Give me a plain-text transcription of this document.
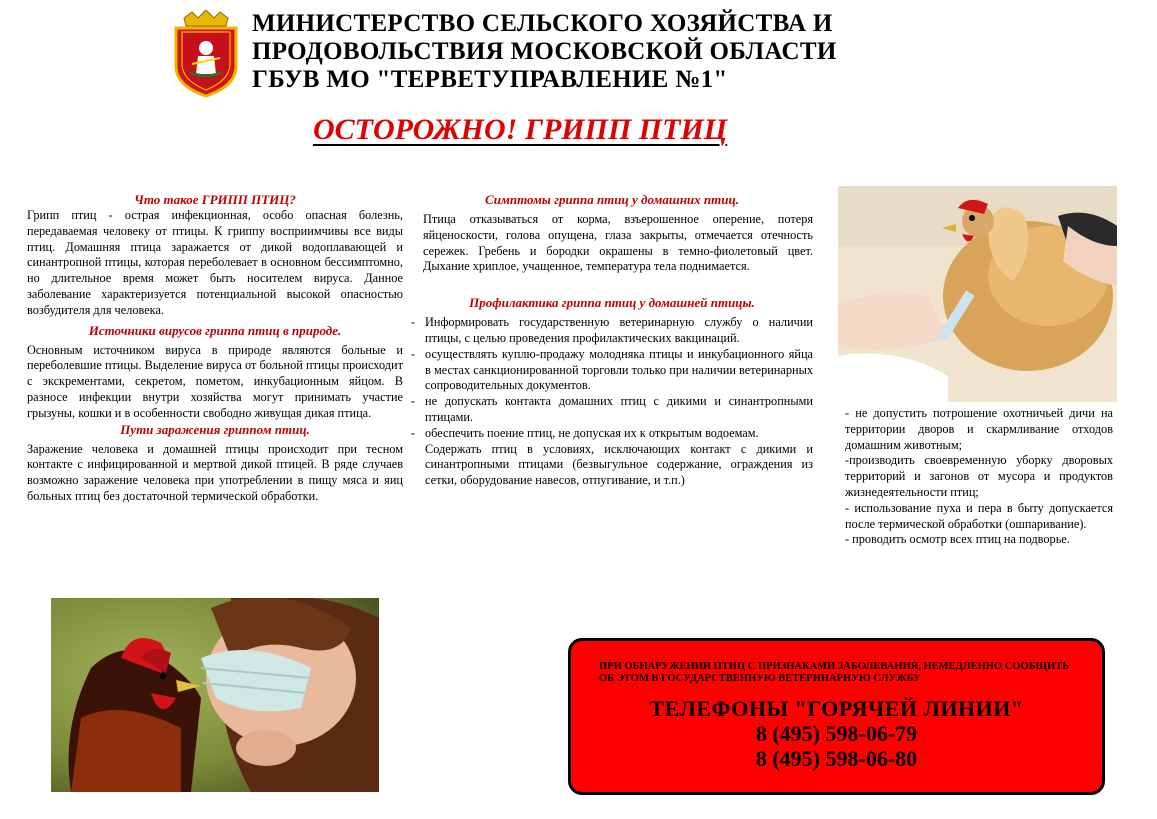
МИНИСТЕРСТВО СЕЛЬСКОГО ХОЗЯЙСТВА И
ПРОДОВОЛЬСТВИЯ МОСКОВСКОЙ ОБЛАСТИ
ГБУВ МО "ТЕРВЕТУПРАВЛЕНИЕ №1"
ОСТОРОЖНО! ГРИПП ПТИЦ
Что такое ГРИПП ПТИЦ?
Грипп птиц - острая инфекционная, особо опасная болезнь, передаваемая человеку от птицы. К гриппу восприимчивы все виды птиц. Домашняя птица заражается от дикой водоплавающей и синантропной птицы, которая переболевает в основном бессимптомно, но длительное время может быть носителем вируса. Данное заболевание характеризуется потенциальной высокой опасностью возбудителя для человека.
Источники вирусов гриппа птиц в природе.
Основным источником вируса в природе являются больные и переболевшие птицы. Выделение вируса от больной птицы происходит с экскрементами, секретом, пометом, инкубационным яйцом. В разносе инфекции внутри хозяйства могут принимать участие грызуны, кошки и в особенности свободно живущая дикая птица.
Пути заражения гриппом птиц.
Заражение человека и домашней птицы происходит при тесном контакте с инфицированной и мертвой дикой птицей. В ряде случаев возможно заражение человека при употреблении в пищу мяса и яиц больных птиц без достаточной термической обработки.
Симптомы гриппа птиц у домашних птиц.
Птица отказываться от корма, взъерошенное оперение, потеря яйценоскости, голова опущена, глаза закрыты, отмечается отечность сережек. Гребень и бородки окрашены в темно-фиолетовый цвет. Дыхание хриплое, учащенное, температура тела поднимается.
Профилактика гриппа птиц у домашней птицы.
- Информировать государственную ветеринарную службу о наличии птицы, с целью проведения профилактических вакцинаций.
- осуществлять куплю-продажу молодняка птицы и инкубационного яйца в местах санкционированной торговли только при наличии ветеринарных сопроводительных документов.
- не допускать контакта домашних птиц с дикими и синантропными птицами.
- обеспечить поение птиц, не допуская их к открытым водоемам.
Содержать птиц в условиях, исключающих контакт с дикими и синантропными птицами (безвыгульное содержание, ограждения из сетки, оборудование навесов, отпугивание, и т.п.)

- не допустить потрошение охотничьей дичи на территории дворов и скармливание отходов домашним животным;

-производить своевременную уборку дворовых территорий и загонов от мусора и продуктов жизнедеятельности птиц;

- использование пуха и пера в быту допускается после термической обработки (ошпаривание).

- проводить осмотр всех птиц на подворье.

ПРИ ОБНАРУЖЕНИИ ПТИЦ С ПРИЗНАКАМИ ЗАБОЛЕВАНИЯ, НЕМЕДЛЕННО СООБЩИТЬ ОБ ЭТОМ В ГОСУДАРСТВЕННУЮ ВЕТЕРИНАРНУЮ СЛУЖБУ
ТЕЛЕФОНЫ "ГОРЯЧЕЙ ЛИНИИ"
8 (495) 598-06-79
8 (495) 598-06-80
